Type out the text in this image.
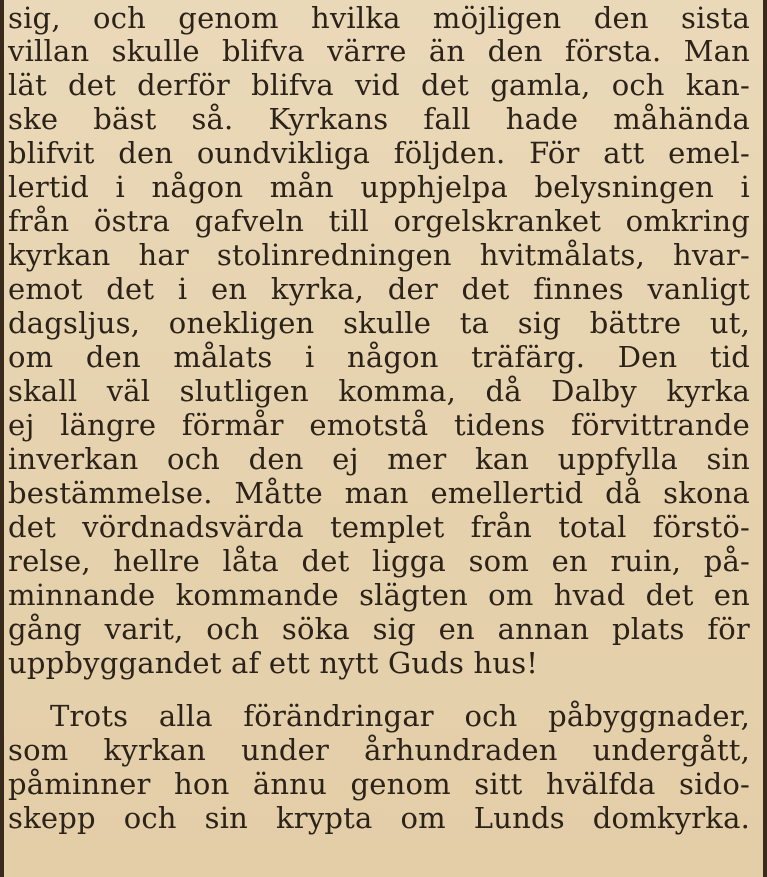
sig, och genom hvilka möjligen den sista
villan skulle blifva värre än den första. Man
lät det derför blifva vid det gamla, och kan-
ske bäst så. Kyrkans fall hade måhända
blifvit den oundvikliga följden. För att emel-
lertid i någon mån upphjelpa belysningen i
från östra gafveln till orgelskranket omkring
kyrkan har stolinredningen hvitmålats, hvar-
emot det i en kyrka, der det finnes vanligt
dagsljus, onekligen skulle ta sig bättre ut,
om den målats i någon träfärg. Den tid
skall väl slutligen komma, då Dalby kyrka
ej längre förmår emotstå tidens förvittrande
inverkan och den ej mer kan uppfylla sin
bestämmelse. Måtte man emellertid då skona
det vördnadsvärda templet från total förstö-
relse, hellre låta det ligga som en ruin, på-
minnande kommande slägten om hvad det en
gång varit, och söka sig en annan plats för
uppbyggandet af ett nytt Guds hus!
Trots alla förändringar och påbyggnader,
som kyrkan under århundraden undergått,
påminner hon ännu genom sitt hvälfda sido-
skepp och sin krypta om Lunds domkyrka.
